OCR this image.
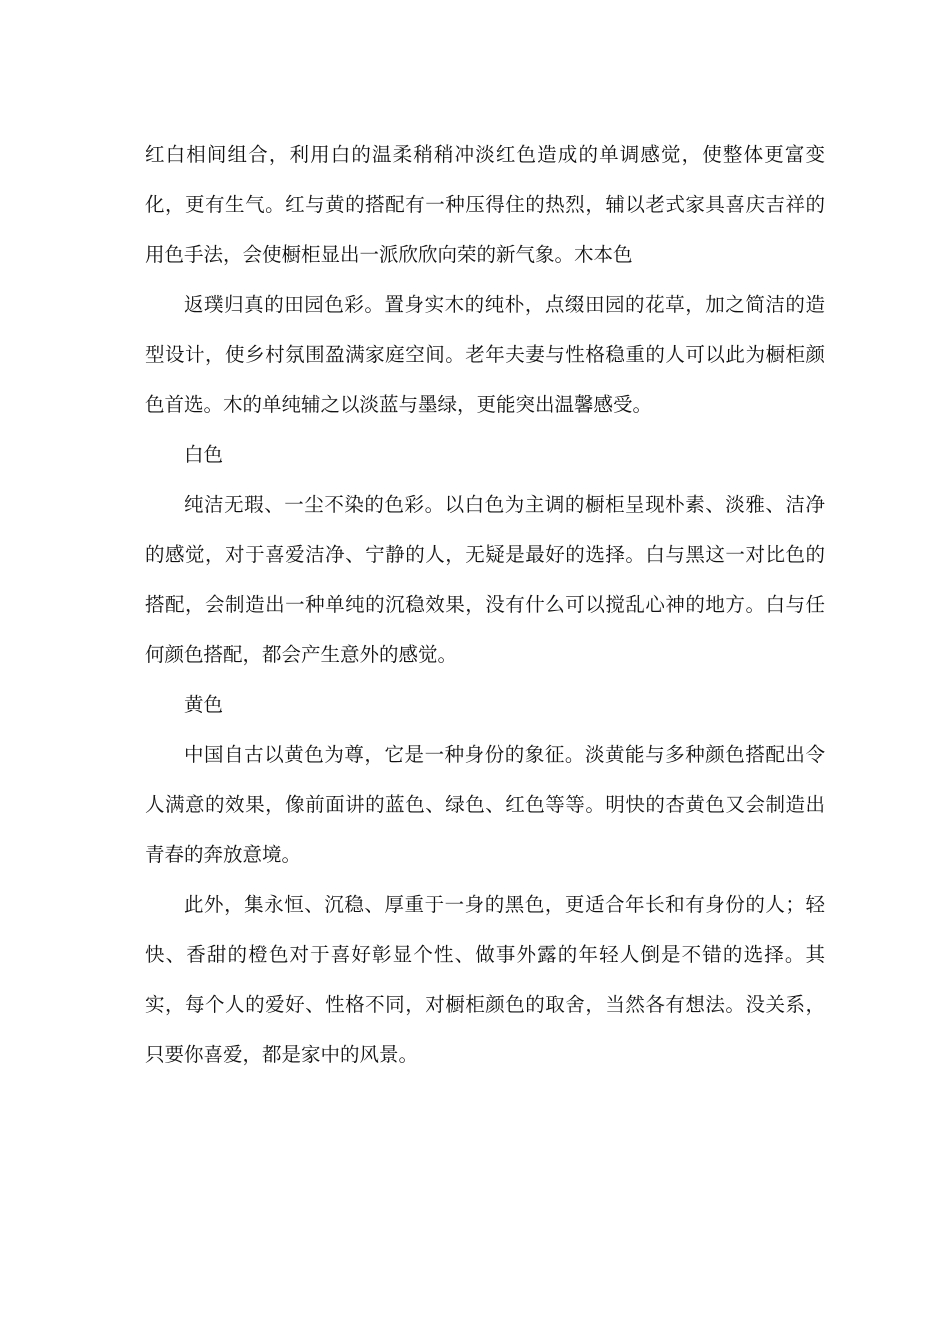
红白相间组合，利用白的温柔稍稍冲淡红色造成的单调感觉，使整体更富变化，更有生气。红与黄的搭配有一种压得住的热烈，辅以老式家具喜庆吉祥的用色手法，会使橱柜显出一派欣欣向荣的新气象。木本色

返璞归真的田园色彩。置身实木的纯朴，点缀田园的花草，加之简洁的造型设计，使乡村氛围盈满家庭空间。老年夫妻与性格稳重的人可以此为橱柜颜色首选。木的单纯辅之以淡蓝与墨绿，更能突出温馨感受。

白色

纯洁无瑕、一尘不染的色彩。以白色为主调的橱柜呈现朴素、淡雅、洁净的感觉，对于喜爱洁净、宁静的人，无疑是最好的选择。白与黑这一对比色的搭配，会制造出一种单纯的沉稳效果，没有什么可以搅乱心神的地方。白与任何颜色搭配，都会产生意外的感觉。

黄色

中国自古以黄色为尊，它是一种身份的象征。淡黄能与多种颜色搭配出令人满意的效果，像前面讲的蓝色、绿色、红色等等。明快的杏黄色又会制造出青春的奔放意境。

此外，集永恒、沉稳、厚重于一身的黑色，更适合年长和有身份的人；轻快、香甜的橙色对于喜好彰显个性、做事外露的年轻人倒是不错的选择。其实，每个人的爱好、性格不同，对橱柜颜色的取舍，当然各有想法。没关系，只要你喜爱，都是家中的风景。
